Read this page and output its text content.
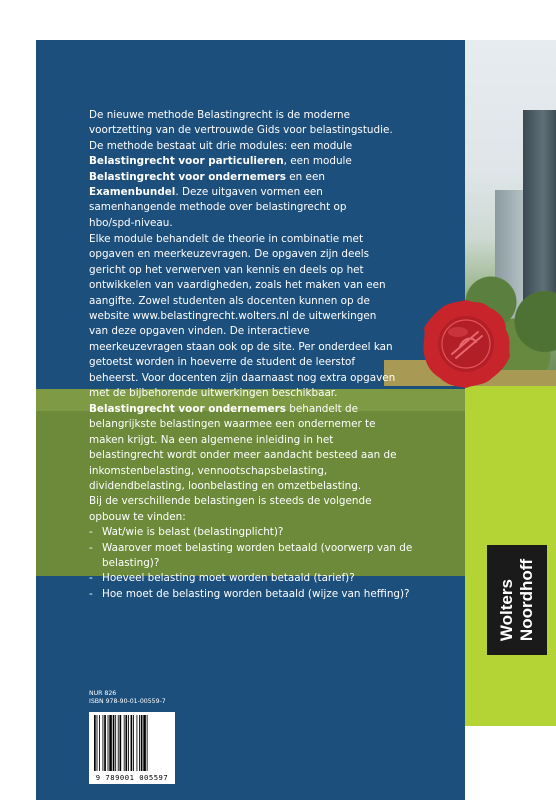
De nieuwe methode Belastingrecht is de moderne
voortzetting van de vertrouwde Gids voor belastingstudie.
De methode bestaat uit drie modules: een module
Belastingrecht voor particulieren, een module
Belastingrecht voor ondernemers en een
Examenbundel. Deze uitgaven vormen een
samenhangende methode over belastingrecht op
hbo/spd-niveau.

Elke module behandelt de theorie in combinatie met
opgaven en meerkeuzevragen. De opgaven zijn deels
gericht op het verwerven van kennis en deels op het
ontwikkelen van vaardigheden, zoals het maken van een
aangifte. Zowel studenten als docenten kunnen op de
website www.belastingrecht.wolters.nl de uitwerkingen
van deze opgaven vinden. De interactieve
meerkeuzevragen staan ook op de site. Per onderdeel kan
getoetst worden in hoeverre de student de leerstof
beheerst. Voor docenten zijn daarnaast nog extra opgaven
met de bijbehorende uitwerkingen beschikbaar.

Belastingrecht voor ondernemers behandelt de
belangrijkste belastingen waarmee een ondernemer te
maken krijgt. Na een algemene inleiding in het
belastingrecht wordt onder meer aandacht besteed aan de
inkomstenbelasting, vennootschapsbelasting,
dividendbelasting, loonbelasting en omzetbelasting.
Bij de verschillende belastingen is steeds de volgende
opbouw te vinden:
- Wat/wie is belast (belastingplicht)?
- Waarover moet belasting worden betaald (voorwerp van de belasting)?
- Hoeveel belasting moet worden betaald (tarief)?
- Hoe moet de belasting worden betaald (wijze van heffing)?	Wolters Noordhoff
NUR 826
ISBN 978-90-01-00559-7
9 789001 005597
